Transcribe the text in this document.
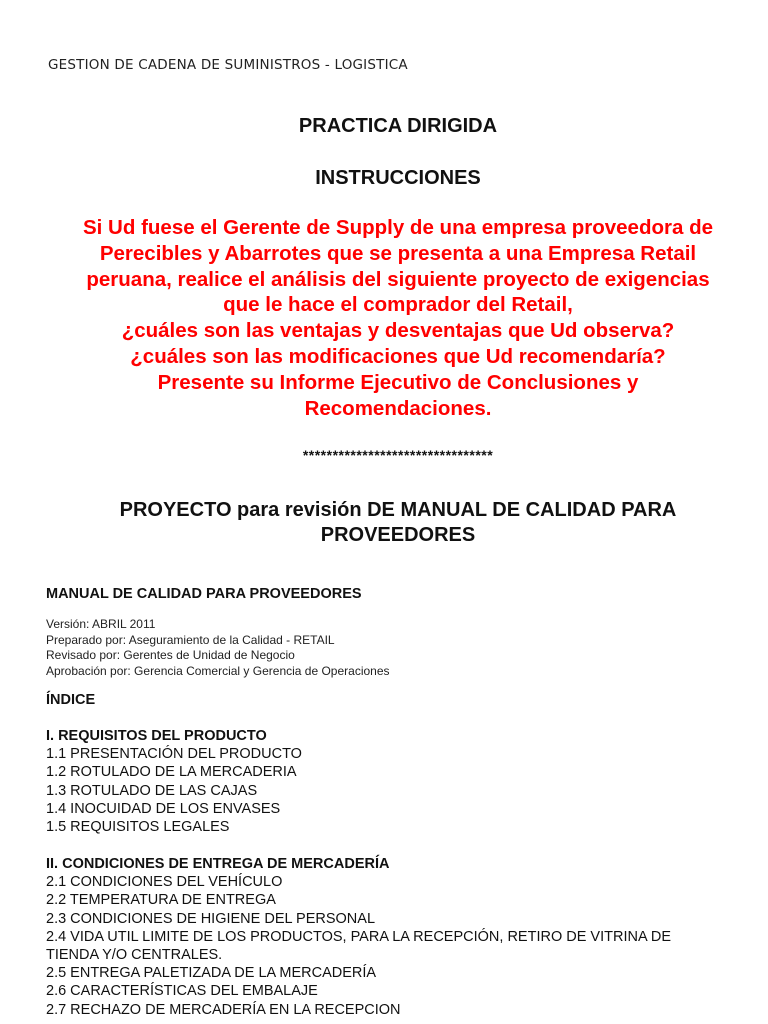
GESTION DE CADENA DE SUMINISTROS - LOGISTICA
PRACTICA DIRIGIDA
INSTRUCCIONES
Si Ud fuese el Gerente de Supply de una empresa proveedora de
Perecibles y Abarrotes que se presenta a una Empresa Retail
peruana, realice el análisis del siguiente proyecto de exigencias
que le hace el comprador del Retail,
¿cuáles son las ventajas y desventajas que Ud observa?
¿cuáles son las modificaciones que Ud recomendaría?
Presente su Informe Ejecutivo de Conclusiones y
Recomendaciones.
********************************
PROYECTO para revisión DE MANUAL DE CALIDAD PARA
PROVEEDORES
MANUAL DE CALIDAD PARA PROVEEDORES
Versión: ABRIL 2011
Preparado por: Aseguramiento de la Calidad - RETAIL
Revisado por: Gerentes de Unidad de Negocio
Aprobación por: Gerencia Comercial y Gerencia de Operaciones
ÍNDICE
I. REQUISITOS DEL PRODUCTO
1.1 PRESENTACIÓN DEL PRODUCTO
1.2 ROTULADO DE LA MERCADERIA
1.3 ROTULADO DE LAS CAJAS
1.4 INOCUIDAD DE LOS ENVASES
1.5 REQUISITOS LEGALES
II. CONDICIONES DE ENTREGA DE MERCADERÍA
2.1 CONDICIONES DEL VEHÍCULO
2.2 TEMPERATURA DE ENTREGA
2.3 CONDICIONES DE HIGIENE DEL PERSONAL
2.4 VIDA UTIL LIMITE DE LOS PRODUCTOS, PARA LA RECEPCIÓN, RETIRO DE VITRINA DE
TIENDA Y/O CENTRALES.
2.5 ENTREGA PALETIZADA DE LA MERCADERÍA
2.6 CARACTERÍSTICAS DEL EMBALAJE
2.7 RECHAZO DE MERCADERÍA EN LA RECEPCION
